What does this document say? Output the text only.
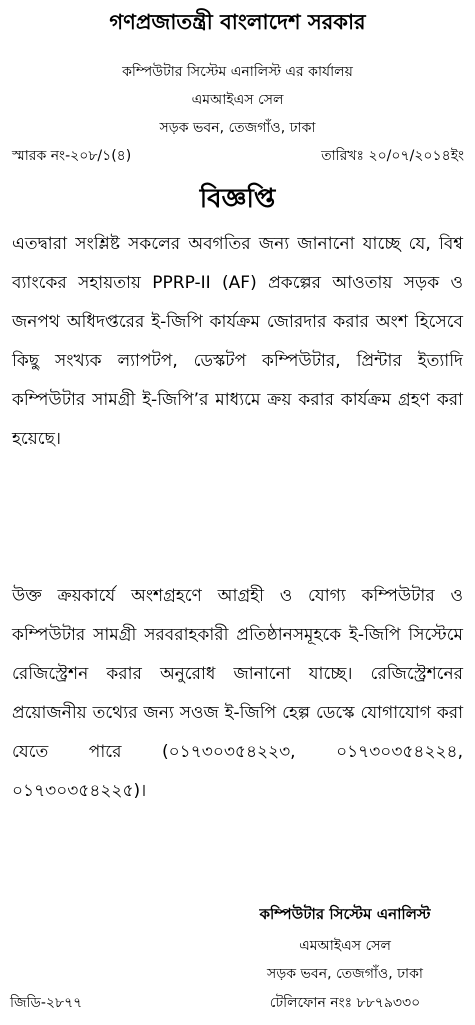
গণপ্রজাতন্ত্রী বাংলাদেশ সরকার
কম্পিউটার সিস্টেম এনালিস্ট এর কার্যালয়
এমআইএস সেল
সড়ক ভবন, তেজগাঁও, ঢাকা
স্মারক নং-২০৮/১(৪)	তারিখঃ ২০/০৭/২০১৪ইং
বিজ্ঞপ্তি
এতদ্বারা সংশ্লিষ্ট সকলের অবগতির জন্য জানানো যাচ্ছে যে, বিশ্ব ব্যাংকের সহায়তায় PPRP-II (AF) প্রকল্পের আওতায় সড়ক ও জনপথ অধিদপ্তরের ই-জিপি কার্যক্রম জোরদার করার অংশ হিসেবে কিছু সংখ্যক ল্যাপটপ, ডেস্কটপ কম্পিউটার, প্রিন্টার ইত্যাদি কম্পিউটার সামগ্রী ই-জিপি’র মাধ্যমে ক্রয় করার কার্যক্রম গ্রহণ করা হয়েছে।
উক্ত ক্রয়কার্যে অংশগ্রহণে আগ্রহী ও যোগ্য কম্পিউটার ও কম্পিউটার সামগ্রী সরবরাহকারী প্রতিষ্ঠানসমূহকে ই-জিপি সিস্টেমে রেজিস্ট্রেশন করার অনুরোধ জানানো যাচ্ছে। রেজিস্ট্রেশনের প্রয়োজনীয় তথ্যের জন্য সওজ ই-জিপি হেল্প ডেস্কে যোগাযোগ করা যেতে পারে (০১৭৩০৩৫৪২২৩, ০১৭৩০৩৫৪২২৪, ০১৭৩০৩৫৪২২৫)।
কম্পিউটার সিস্টেম এনালিস্ট
এমআইএস সেল
সড়ক ভবন, তেজগাঁও, ঢাকা
টেলিফোন নংঃ ৮৮৭৯৩৩০
জিডি-২৮৭৭
